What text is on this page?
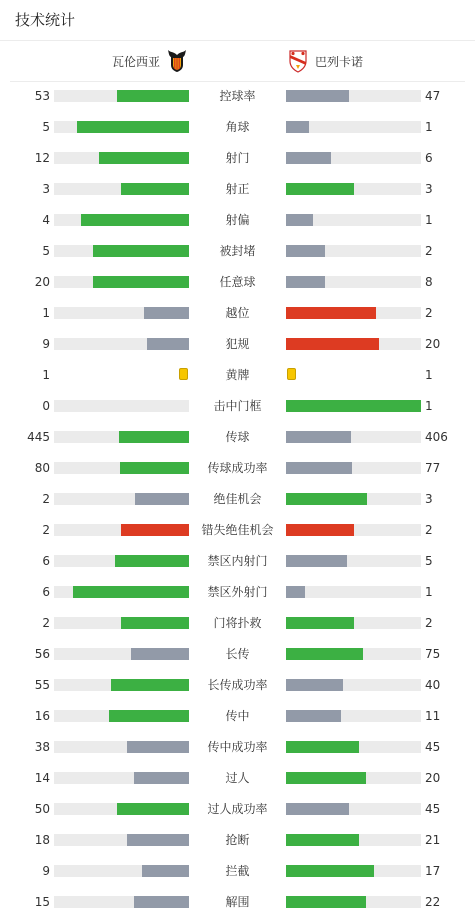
技术统计
瓦伦西亚	巴列卡诺
53	控球率	47
5	角球	1
12	射门	6
3	射正	3
4	射偏	1
5	被封堵	2
20	任意球	8
1	越位	2
9	犯规	20
1	黄牌	1
0	击中门框	1
445	传球	406
80	传球成功率	77
2	绝佳机会	3
2	错失绝佳机会	2
6	禁区内射门	5
6	禁区外射门	1
2	门将扑救	2
56	长传	75
55	长传成功率	40
16	传中	11
38	传中成功率	45
14	过人	20
50	过人成功率	45
18	抢断	21
9	拦截	17
15	解围	22
